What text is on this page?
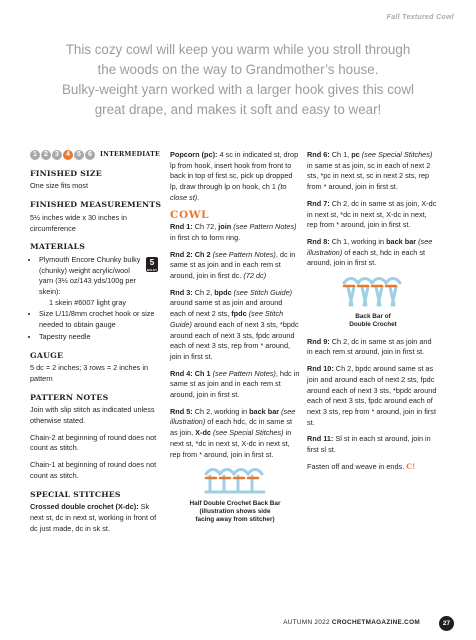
Fall Textured Cowl
This cozy cowl will keep you warm while you stroll through
the woods on the way to Grandmother’s house.
Bulky-weight yarn worked with a larger hook gives this cowl
great drape, and makes it soft and easy to wear!
1	2	3	4	5	6	INTERMEDIATE
FINISHED SIZE

One size fits most

FINISHED MEASUREMENTS

5½ inches wide x 30 inches in circumference

MATERIALS
5
BULKY
• Plymouth Encore Chunky bulky (chunky) weight acrylic/wool yarn (3½ oz/143 yds/100g per skein):
1 skein #6007 light gray
• Size L/11/8mm crochet hook or size needed to obtain gauge
• Tapestry needle
GAUGE

5 dc = 2 inches; 3 rows = 2 inches in pattern

PATTERN NOTES

Join with slip stitch as indicated unless otherwise stated.

Chain-2 at beginning of round does not count as stitch.

Chain-1 at beginning of round does not count as stitch.

SPECIAL STITCHES

Crossed double crochet (X-dc): Sk next st, dc in next st, working in front of dc just made, dc in sk st.

Popcorn (pc): 4 sc in indicated st, drop lp from hook, insert hook from front to back in top of first sc, pick up dropped lp, draw through lp on hook, ch 1 (to close st).

COWL

Rnd 1: Ch 72, join (see Pattern Notes) in first ch to form ring.

Rnd 2: Ch 2 (see Pattern Notes), dc in same st as join and in each rem st around, join in first dc. (72 dc)

Rnd 3: Ch 2, bpdc (see Stitch Guide) around same st as join and around each of next 2 sts, fpdc (see Stitch Guide) around each of next 3 sts, *bpdc around each of next 3 sts, fpdc around each of next 3 sts, rep from * around, join in first st.

Rnd 4: Ch 1 (see Pattern Notes), hdc in same st as join and in each rem st around, join in first st.

Rnd 5: Ch 2, working in back bar (see illustration) of each hdc, dc in same st as join, X-dc (see Special Stitches) in next st, *dc in next st, X-dc in next st, rep from * around, join in first st.

Half Double Crochet Back Bar
(illustration shows side
facing away from stitcher)

Rnd 6: Ch 1, pc (see Special Stitches) in same st as join, sc in each of next 2 sts, *pc in next st, sc in next 2 sts, rep from * around, join in first st.

Rnd 7: Ch 2, dc in same st as join, X-dc in next st, *dc in next st, X-dc in next, rep from * around, join in first st.

Rnd 8: Ch 1, working in back bar (see illustration) of each st, hdc in each st around, join in first st.

Back Bar of
Double Crochet

Rnd 9: Ch 2, dc in same st as join and in each rem st around, join in first st.

Rnd 10: Ch 2, bpdc around same st as join and around each of next 2 sts, fpdc around each of next 3 sts, *bpdc around each of next 3 sts, fpdc around each of next 3 sts, rep from * around, join in first st.

Rnd 11: Sl st in each st around, join in first sl st.

Fasten off and weave in ends. C!

AUTUMN 2022 CROCHETMAGAZINE.COM	27
